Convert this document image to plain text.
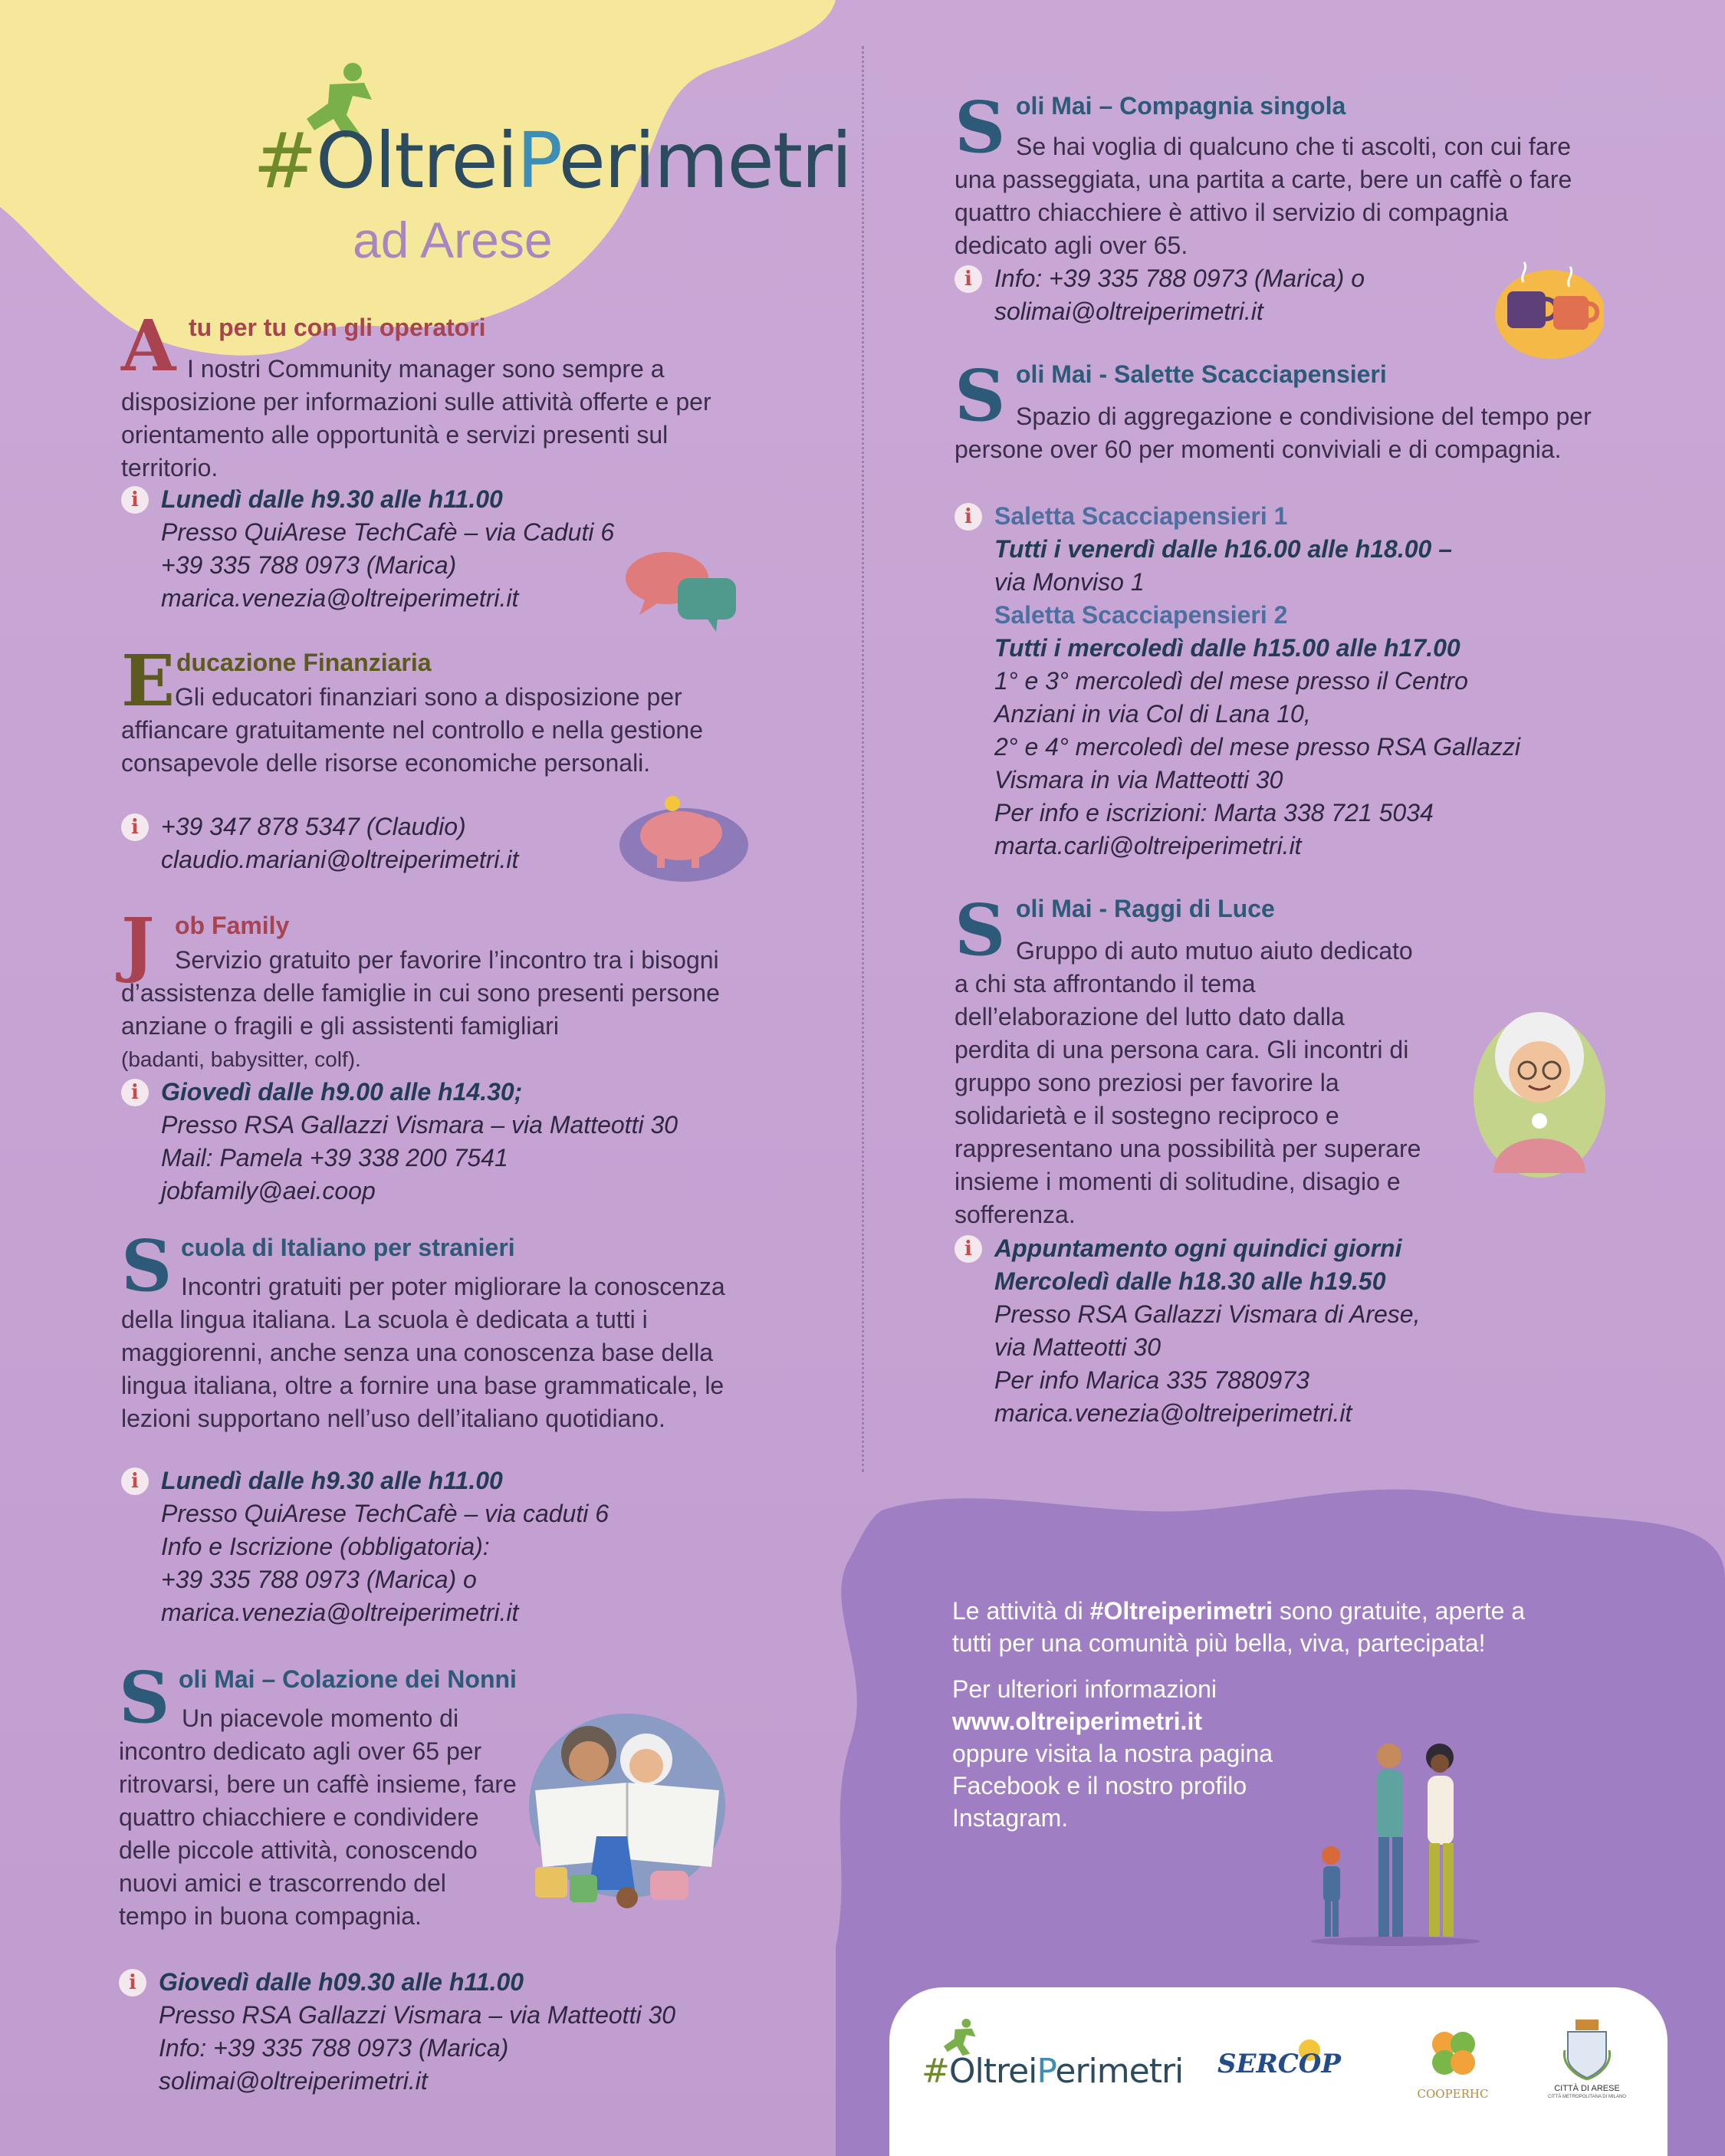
#OltreiPerimetri
ad Arese
A tu per tu con gli operatori
I nostri Community manager sono sempre a disposizione per informazioni sulle attività offerte e per orientamento alle opportunità e servizi presenti sul territorio.
i Lunedì dalle h9.30 alle h11.00
Presso QuiArese TechCafè – via Caduti 6
+39 335 788 0973 (Marica)
marica.venezia@oltreiperimetri.it
E ducazione Finanziaria
Gli educatori finanziari sono a disposizione per affiancare gratuitamente nel controllo e nella gestione consapevole delle risorse economiche personali.
i +39 347 878 5347 (Claudio)
claudio.mariani@oltreiperimetri.it
J ob Family
Servizio gratuito per favorire l’incontro tra i bisogni d’assistenza delle famiglie in cui sono presenti persone anziane o fragili e gli assistenti famigliari
(badanti, babysitter, colf).
i Giovedì dalle h9.00 alle h14.30;
Presso RSA Gallazzi Vismara – via Matteotti 30
Mail: Pamela +39 338 200 7541
jobfamily@aei.coop
S cuola di Italiano per stranieri
Incontri gratuiti per poter migliorare la conoscenza della lingua italiana. La scuola è dedicata a tutti i maggiorenni, anche senza una conoscenza base della lingua italiana, oltre a fornire una base grammaticale, le lezioni supportano nell’uso dell’italiano quotidiano.
i Lunedì dalle h9.30 alle h11.00
Presso QuiArese TechCafè – via caduti 6
Info e Iscrizione (obbligatoria):
+39 335 788 0973 (Marica) o
marica.venezia@oltreiperimetri.it
S oli Mai – Colazione dei Nonni
Un piacevole momento di incontro dedicato agli over 65 per ritrovarsi, bere un caffè insieme, fare quattro chiacchiere e condividere delle piccole attività, conoscendo nuovi amici e trascorrendo del tempo in buona compagnia.
i Giovedì dalle h09.30 alle h11.00
Presso RSA Gallazzi Vismara – via Matteotti 30
Info: +39 335 788 0973 (Marica)
solimai@oltreiperimetri.it
S oli Mai – Compagnia singola
Se hai voglia di qualcuno che ti ascolti, con cui fare una passeggiata, una partita a carte, bere un caffè o fare quattro chiacchiere è attivo il servizio di compagnia dedicato agli over 65.
i Info: +39 335 788 0973 (Marica) o
solimai@oltreiperimetri.it
S oli Mai - Salette Scacciapensieri
Spazio di aggregazione e condivisione del tempo per persone over 60 per momenti conviviali e di compagnia.
i Saletta Scacciapensieri 1
Tutti i venerdì dalle h16.00 alle h18.00 –
via Monviso 1
Saletta Scacciapensieri 2
Tutti i mercoledì dalle h15.00 alle h17.00
1° e 3° mercoledì del mese presso il Centro
Anziani in via Col di Lana 10,
2° e 4° mercoledì del mese presso RSA Gallazzi
Vismara in via Matteotti 30
Per info e iscrizioni: Marta 338 721 5034
marta.carli@oltreiperimetri.it
S oli Mai - Raggi di Luce
Gruppo di auto mutuo aiuto dedicato a chi sta affrontando il tema dell’elaborazione del lutto dato dalla perdita di una persona cara. Gli incontri di gruppo sono preziosi per favorire la solidarietà e il sostegno reciproco e rappresentano una possibilità per superare insieme i momenti di solitudine, disagio e sofferenza.
i Appuntamento ogni quindici giorni
Mercoledì dalle h18.30 alle h19.50
Presso RSA Gallazzi Vismara di Arese,
via Matteotti 30
Per info Marica 335 7880973
marica.venezia@oltreiperimetri.it

Le attività di #Oltreiperimetri sono gratuite, aperte a tutti per una comunità più bella, viva, partecipata!

Per ulteriori informazioni
www.oltreiperimetri.it
oppure visita la nostra pagina Facebook e il nostro profilo Instagram.

#OltreiPerimetri SERCOP
COOPERHC	CITTÀ DI ARESE
CITTÀ METROPOLITANA DI MILANO
